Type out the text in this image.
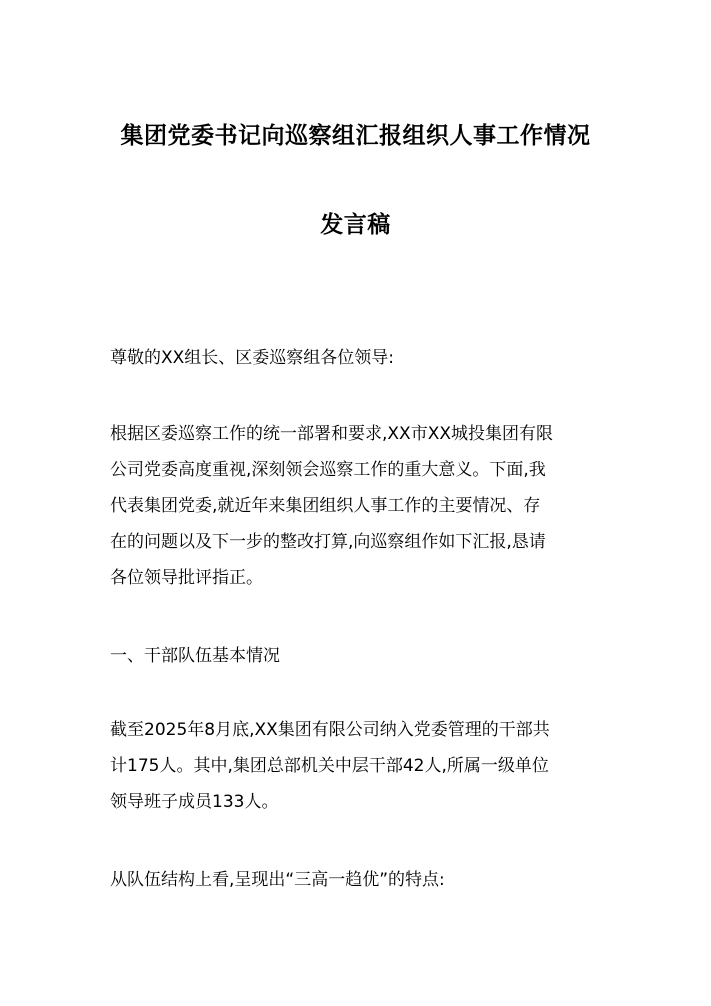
集团党委书记向巡察组汇报组织人事工作情况
发言稿

尊敬的XX组长、区委巡察组各位领导:

根据区委巡察工作的统一部署和要求,XX市XX城投集团有限
公司党委高度重视,深刻领会巡察工作的重大意义。下面,我
代表集团党委,就近年来集团组织人事工作的主要情况、存
在的问题以及下一步的整改打算,向巡察组作如下汇报,恳请
各位领导批评指正。

一、干部队伍基本情况

截至2025年8月底,XX集团有限公司纳入党委管理的干部共
计175人。其中,集团总部机关中层干部42人,所属一级单位
领导班子成员133人。

从队伍结构上看,呈现出“三高一趋优”的特点:
